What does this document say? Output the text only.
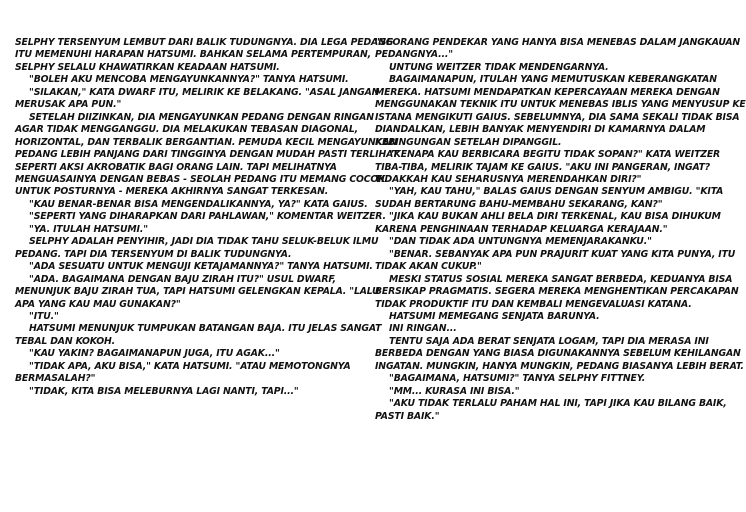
SELPHY TERSENYUM LEMBUT DARI BALIK TUDUNGNYA. DIA LEGA PEDANG
ITU MEMENUHI HARAPAN HATSUMI. BAHKAN SELAMA PERTEMPURAN,
SELPHY SELALU KHAWATIRKAN KEADAAN HATSUMI.
"BOLEH AKU MENCOBA MENGAYUNKANNYA?" TANYA HATSUMI.
"SILAKAN," KATA DWARF ITU, MELIRIK KE BELAKANG. "ASAL JANGAN
MERUSAK APA PUN."
SETELAH DIIZINKAN, DIA MENGAYUNKAN PEDANG DENGAN RINGAN
AGAR TIDAK MENGGANGGU. DIA MELAKUKAN TEBASAN DIAGONAL,
HORIZONTAL, DAN TERBALIK BERGANTIAN. PEMUDA KECIL MENGAYUNKAN
PEDANG LEBIH PANJANG DARI TINGGINYA DENGAN MUDAH PASTI TERLIHAT
SEPERTI AKSI AKROBATIK BAGI ORANG LAIN. TAPI MELIHATNYA
MENGUASAINYA DENGAN BEBAS - SEOLAH PEDANG ITU MEMANG COCOK
UNTUK POSTURNYA - MEREKA AKHIRNYA SANGAT TERKESAN.
"KAU BENAR-BENAR BISA MENGENDALIKANNYA, YA?" KATA GAIUS.
"SEPERTI YANG DIHARAPKAN DARI PAHLAWAN," KOMENTAR WEITZER.
"YA. ITULAH HATSUMI."
SELPHY ADALAH PENYIHIR, JADI DIA TIDAK TAHU SELUK-BELUK ILMU
PEDANG. TAPI DIA TERSENYUM DI BALIK TUDUNGNYA.
"ADA SESUATU UNTUK MENGUJI KETAJAMANNYA?" TANYA HATSUMI.
"ADA. BAGAIMANA DENGAN BAJU ZIRAH ITU?" USUL DWARF,
MENUNJUK BAJU ZIRAH TUA, TAPI HATSUMI GELENGKAN KEPALA. "LALU
APA YANG KAU MAU GUNAKAN?"
"ITU."
HATSUMI MENUNJUK TUMPUKAN BATANGAN BAJA. ITU JELAS SANGAT
TEBAL DAN KOKOH.
"KAU YAKIN? BAGAIMANAPUN JUGA, ITU AGAK..."
"TIDAK APA, AKU BISA," KATA HATSUMI. "ATAU MEMOTONGNYA
BERMASALAH?"
"TIDAK, KITA BISA MELEBURNYA LAGI NANTI, TAPI..."
"SEORANG PENDEKAR YANG HANYA BISA MENEBAS DALAM JANGKAUAN
PEDANGNYA..."
UNTUNG WEITZER TIDAK MENDENGARNYA.
BAGAIMANAPUN, ITULAH YANG MEMUTUSKAN KEBERANGKATAN
MEREKA. HATSUMI MENDAPATKAN KEPERCAYAAN MEREKA DENGAN
MENGGUNAKAN TEKNIK ITU UNTUK MENEBAS IBLIS YANG MENYUSUP KE
ISTANA MENGIKUTI GAIUS. SEBELUMNYA, DIA SAMA SEKALI TIDAK BISA
DIANDALKAN, LEBIH BANYAK MENYENDIRI DI KAMARNYA DALAM
KEBINGUNGAN SETELAH DIPANGGIL.
"KENAPA KAU BERBICARA BEGITU TIDAK SOPAN?" KATA WEITZER
TIBA-TIBA, MELIRIK TAJAM KE GAIUS. "AKU INI PANGERAN, INGAT?
TIDAKKAH KAU SEHARUSNYA MERENDAHKAN DIRI?"
"YAH, KAU TAHU," BALAS GAIUS DENGAN SENYUM AMBIGU. "KITA
SUDAH BERTARUNG BAHU-MEMBAHU SEKARANG, KAN?"
"JIKA KAU BUKAN AHLI BELA DIRI TERKENAL, KAU BISA DIHUKUM
KARENA PENGHINAAN TERHADAP KELUARGA KERAJAAN."
"DAN TIDAK ADA UNTUNGNYA MEMENJARAKANKU."
"BENAR. SEBANYAK APA PUN PRAJURIT KUAT YANG KITA PUNYA, ITU
TIDAK AKAN CUKUP."
MESKI STATUS SOSIAL MEREKA SANGAT BERBEDA, KEDUANYA BISA
BERSIKAP PRAGMATIS. SEGERA MEREKA MENGHENTIKAN PERCAKAPAN
TIDAK PRODUKTIF ITU DAN KEMBALI MENGEVALUASI KATANA.
HATSUMI MEMEGANG SENJATA BARUNYA.
INI RINGAN...
TENTU SAJA ADA BERAT SENJATA LOGAM, TAPI DIA MERASA INI
BERBEDA DENGAN YANG BIASA DIGUNAKANNYA SEBELUM KEHILANGAN
INGATAN. MUNGKIN, HANYA MUNGKIN, PEDANG BIASANYA LEBIH BERAT.
"BAGAIMANA, HATSUMI?" TANYA SELPHY FITTNEY.
"MM... KURASA INI BISA."
"AKU TIDAK TERLALU PAHAM HAL INI, TAPI JIKA KAU BILANG BAIK,
PASTI BAIK."
